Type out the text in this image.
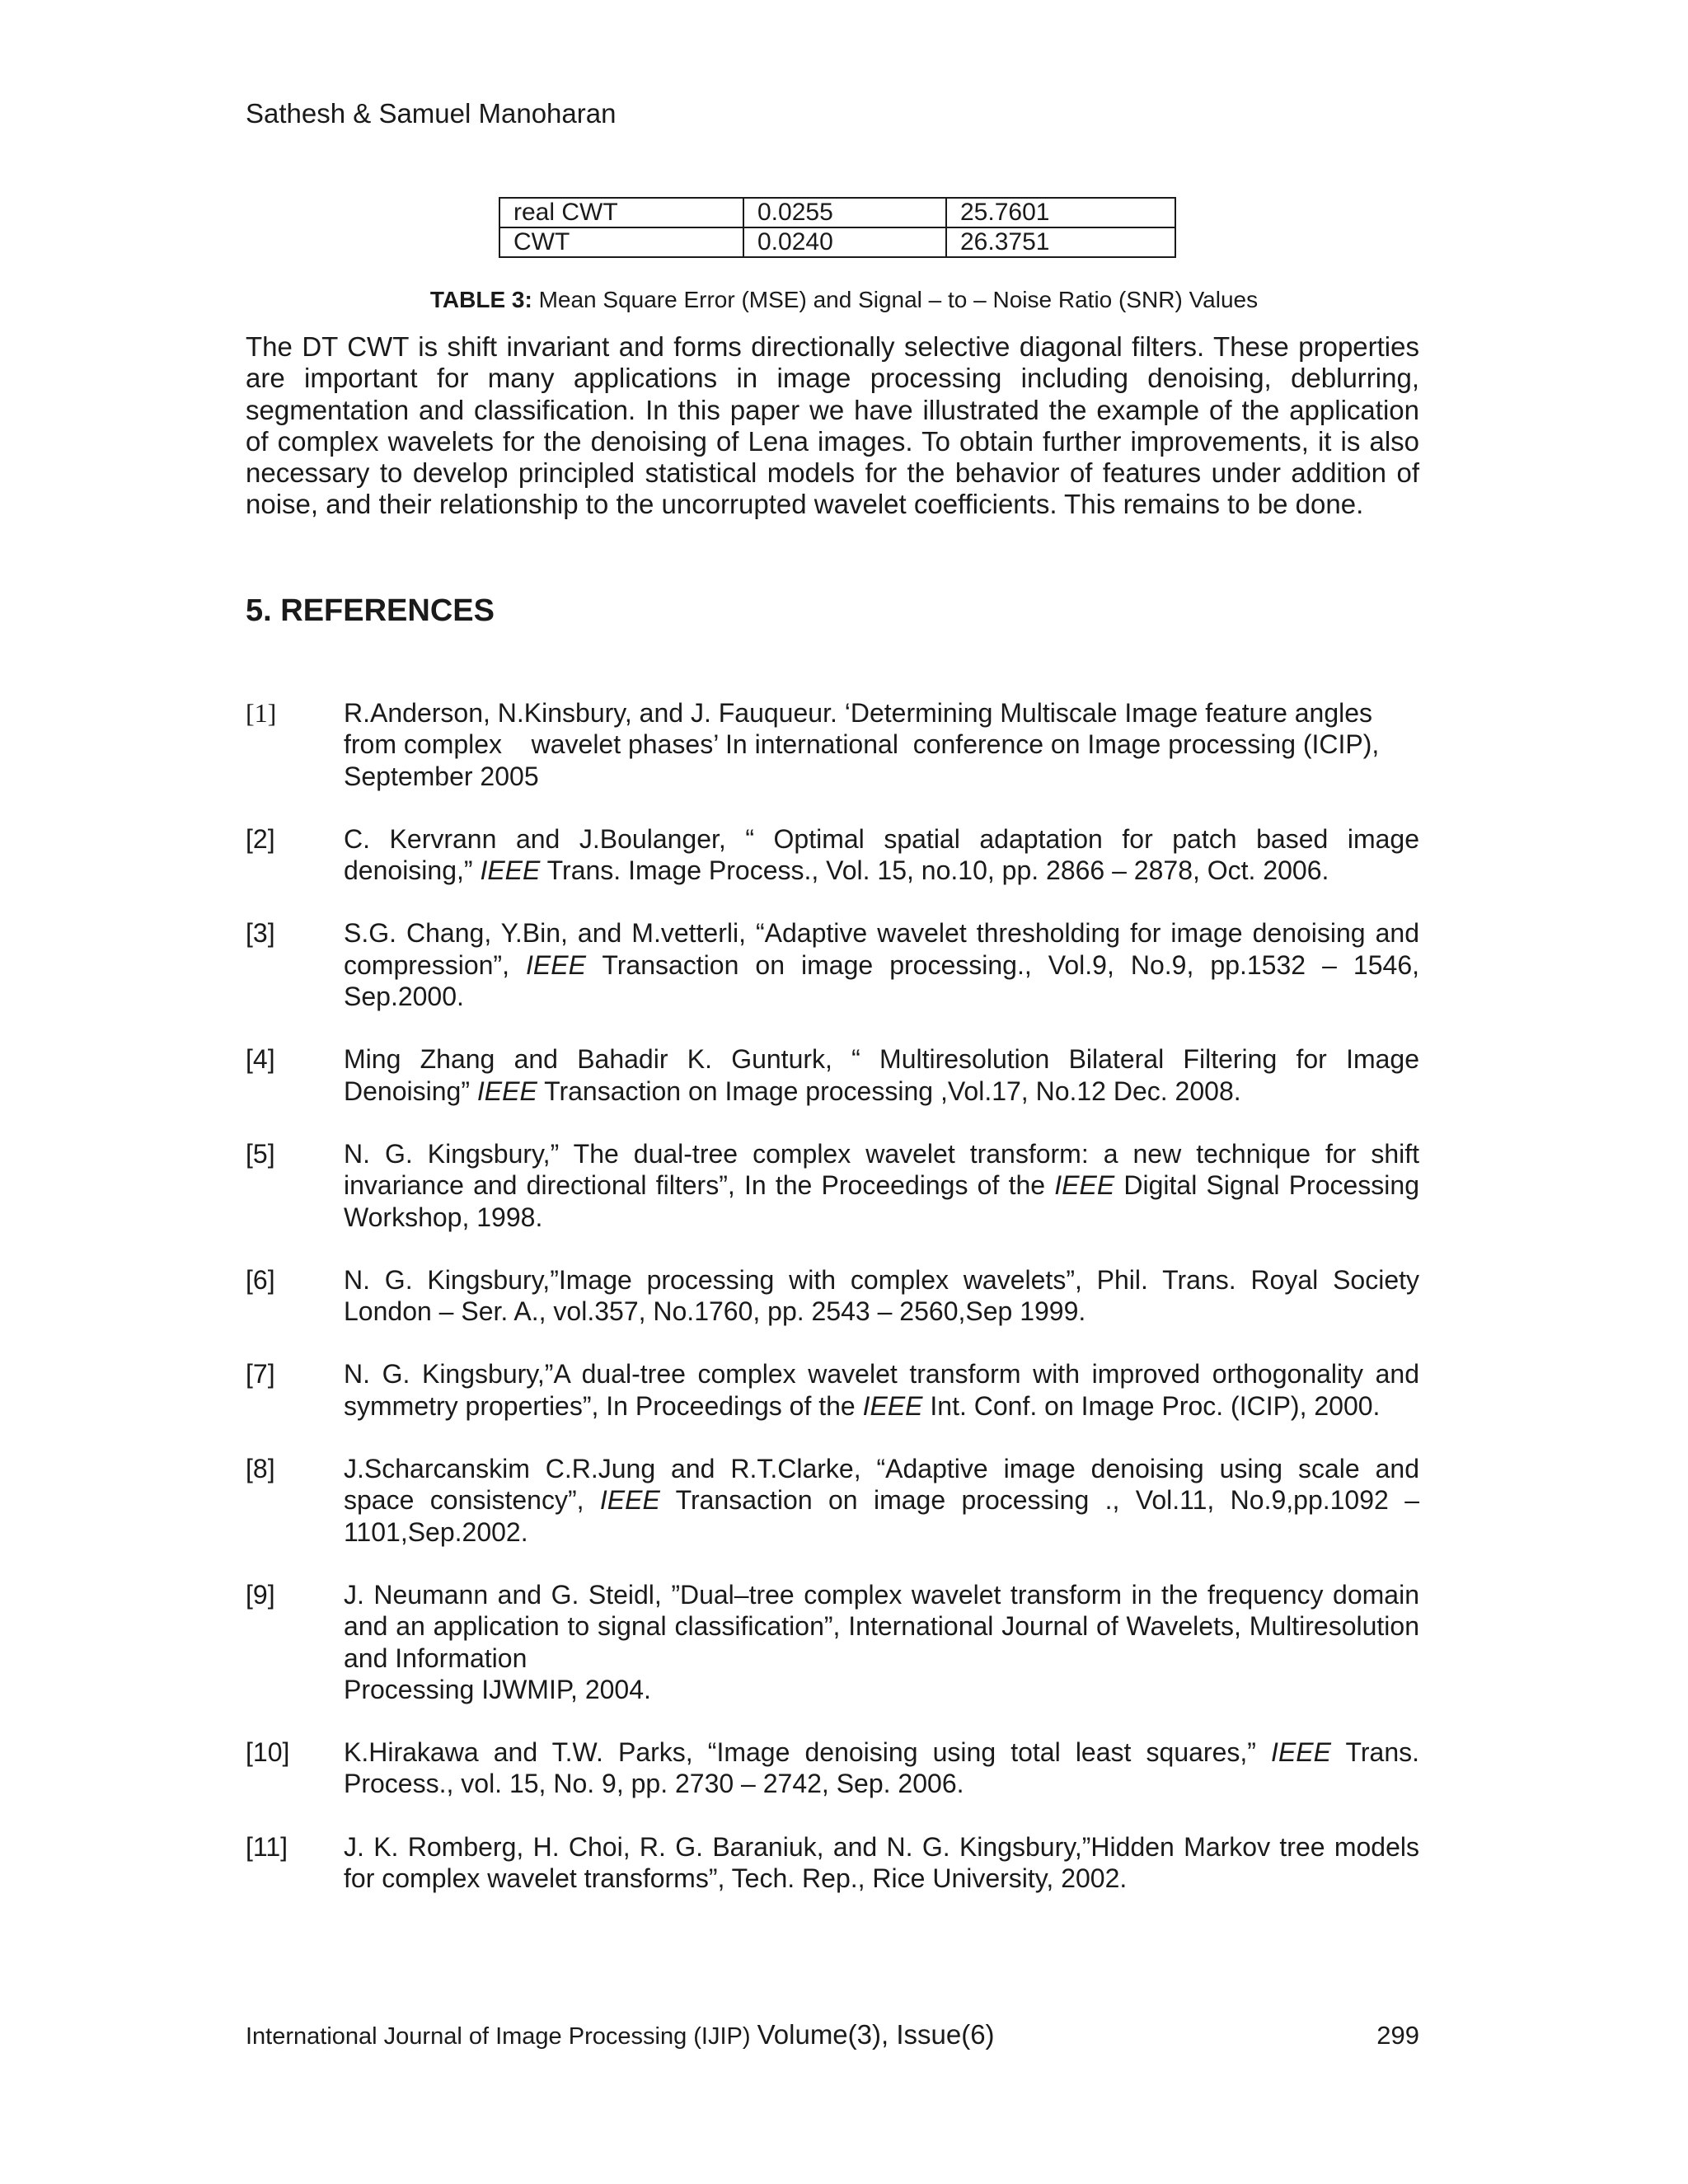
Sathesh & Samuel Manoharan
real CWT	0.0255	25.7601
CWT	0.0240	26.3751
TABLE 3: Mean Square Error (MSE) and Signal – to – Noise Ratio (SNR) Values
The DT CWT is shift invariant and forms directionally selective diagonal filters. These properties are important for many applications in image processing including denoising, deblurring, segmentation and classification. In this paper we have illustrated the example of the application of complex wavelets for the denoising of Lena images. To obtain further improvements, it is also necessary to develop principled statistical models for the behavior of features under addition of noise, and their relationship to the uncorrupted wavelet coefficients. This remains to be done.
5. REFERENCES
[1]	R.Anderson, N.Kinsbury, and J. Fauqueur. ‘Determining Multiscale Image feature angles
from complex    wavelet phases’ In international  conference on Image processing (ICIP),
September 2005
[2]	C. Kervrann and J.Boulanger, “ Optimal spatial adaptation for patch based image denoising,” IEEE Trans. Image Process., Vol. 15, no.10, pp. 2866 – 2878, Oct. 2006.
[3]	S.G. Chang, Y.Bin, and M.vetterli, “Adaptive wavelet thresholding for image denoising and compression”, IEEE Transaction on image processing., Vol.9, No.9, pp.1532 – 1546, Sep.2000.
[4]	Ming Zhang and Bahadir K. Gunturk, “ Multiresolution Bilateral Filtering for Image Denoising” IEEE Transaction on Image processing ,Vol.17, No.12 Dec. 2008.
[5]	N. G. Kingsbury,” The dual-tree complex wavelet transform: a new technique for shift invariance and directional filters”, In the Proceedings of the IEEE Digital Signal Processing Workshop, 1998.
[6]	N. G. Kingsbury,”Image processing with complex wavelets”, Phil. Trans. Royal Society London – Ser. A., vol.357, No.1760, pp. 2543 – 2560,Sep 1999.
[7]	N. G. Kingsbury,”A dual-tree complex wavelet transform with improved orthogonality and symmetry properties”, In Proceedings of the IEEE Int. Conf. on Image Proc. (ICIP), 2000.
[8]	J.Scharcanskim C.R.Jung and R.T.Clarke, “Adaptive image denoising using scale and space consistency”, IEEE Transaction on image processing ., Vol.11, No.9,pp.1092 – 1101,Sep.2002.
[9]	J. Neumann and G. Steidl, ”Dual–tree complex wavelet transform in the frequency domain and an application to signal classification”, International Journal of Wavelets, Multiresolution and Information
Processing IJWMIP, 2004.
[10]	K.Hirakawa and T.W. Parks, “Image denoising using total least squares,” IEEE Trans. Process., vol. 15, No. 9, pp. 2730 – 2742, Sep. 2006.
[11]	J. K. Romberg, H. Choi, R. G. Baraniuk, and N. G. Kingsbury,”Hidden Markov tree models for complex wavelet transforms”, Tech. Rep., Rice University, 2002.
International Journal of Image Processing (IJIP) Volume(3), Issue(6)	299
